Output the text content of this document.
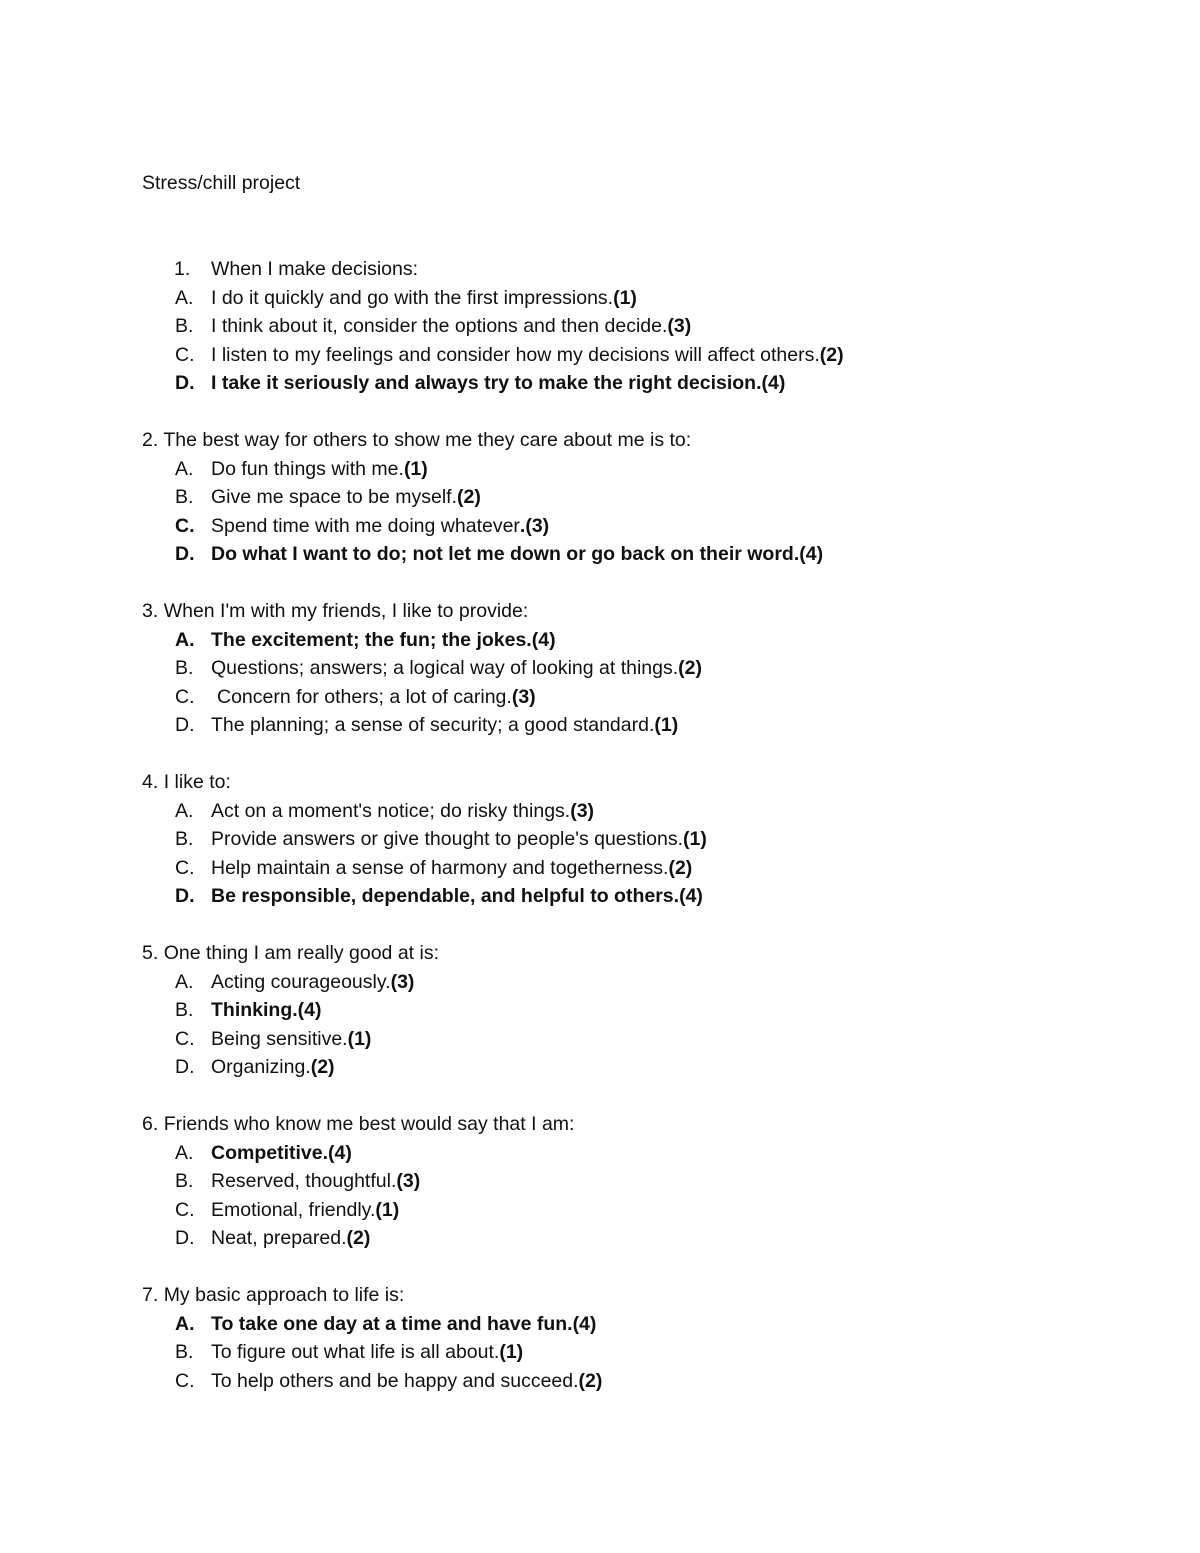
Stress/chill project
1. When I make decisions:
A. I do it quickly and go with the first impressions.(1)
B. I think about it, consider the options and then decide.(3)
C. I listen to my feelings and consider how my decisions will affect others.(2)
D. I take it seriously and always try to make the right decision.(4)
2. The best way for others to show me they care about me is to:
A. Do fun things with me.(1)
B. Give me space to be myself.(2)
C. Spend time with me doing whatever.(3)
D. Do what I want to do; not let me down or go back on their word.(4)
3. When I'm with my friends, I like to provide:
A. The excitement; the fun; the jokes.(4)
B. Questions; answers; a logical way of looking at things.(2)
C. Concern for others; a lot of caring.(3)
D. The planning; a sense of security; a good standard.(1)
4. I like to:
A. Act on a moment's notice; do risky things.(3)
B. Provide answers or give thought to people's questions.(1)
C. Help maintain a sense of harmony and togetherness.(2)
D. Be responsible, dependable, and helpful to others.(4)
5. One thing I am really good at is:
A. Acting courageously.(3)
B. Thinking.(4)
C. Being sensitive.(1)
D. Organizing.(2)
6. Friends who know me best would say that I am:
A. Competitive.(4)
B. Reserved, thoughtful.(3)
C. Emotional, friendly.(1)
D. Neat, prepared.(2)
7. My basic approach to life is:
A. To take one day at a time and have fun.(4)
B. To figure out what life is all about.(1)
C. To help others and be happy and succeed.(2)
